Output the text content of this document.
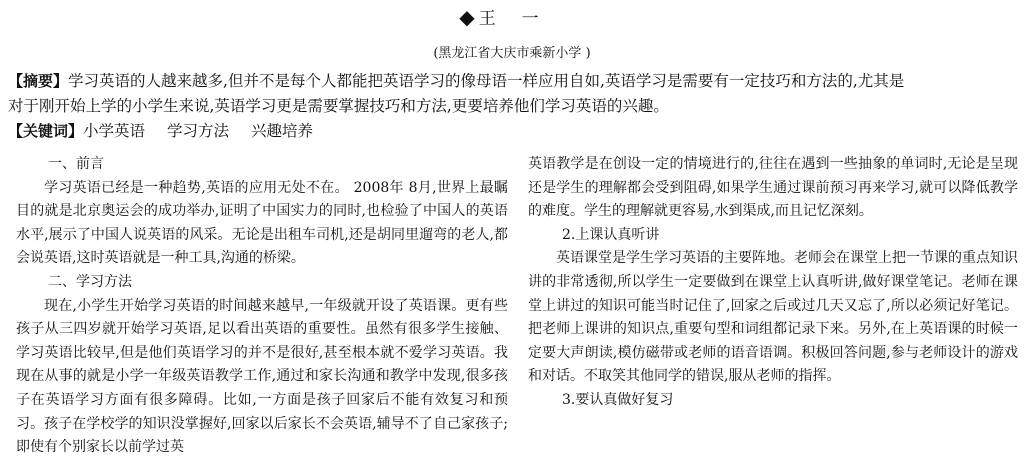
◆ 王一
(黑龙江省大庆市乘新小学 )

【摘要】学习英语的人越来越多,但并不是每个人都能把英语学习的像母语一样应用自如,英语学习是需要有一定技巧和方法的,尤其是

对于刚开始上学的小学生来说,英语学习更是需要掌握技巧和方法,更要培养他们学习英语的兴趣。

【关键词】小学英语 学习方法 兴趣培养

一、前言

学习英语已经是一种趋势,英语的应用无处不在。 2008年 8月,世界上最瞩目的就是北京奥运会的成功举办,证明了中国实力的同时,也检验了中国人的英语水平,展示了中国人说英语的风采。无论是出租车司机,还是胡同里遛弯的老人,都会说英语,这时英语就是一种工具,沟通的桥梁。

二、学习方法

现在,小学生开始学习英语的时间越来越早,一年级就开设了英语课。更有些孩子从三四岁就开始学习英语,足以看出英语的重要性。虽然有很多学生接触、学习英语比较早,但是他们英语学习的并不是很好,甚至根本就不爱学习英语。我现在从事的就是小学一年级英语教学工作,通过和家长沟通和教学中发现,很多孩子在英语学习方面有很多障碍。比如,一方面是孩子回家后不能有效复习和预习。孩子在学校学的知识没掌握好,回家以后家长不会英语,辅导不了自己家孩子;即使有个别家长以前学过英

英语教学是在创设一定的情境进行的,往往在遇到一些抽象的单词时,无论是呈现还是学生的理解都会受到阻碍,如果学生通过课前预习再来学习,就可以降低教学的难度。学生的理解就更容易,水到渠成,而且记忆深刻。

2.上课认真听讲

英语课堂是学生学习英语的主要阵地。老师会在课堂上把一节课的重点知识讲的非常透彻,所以学生一定要做到在课堂上认真听讲,做好课堂笔记。老师在课堂上讲过的知识可能当时记住了,回家之后或过几天又忘了,所以必须记好笔记。把老师上课讲的知识点,重要句型和词组都记录下来。另外,在上英语课的时候一定要大声朗读,模仿磁带或老师的语音语调。积极回答问题,参与老师设计的游戏和对话。不取笑其他同学的错误,服从老师的指挥。

3.要认真做好复习
